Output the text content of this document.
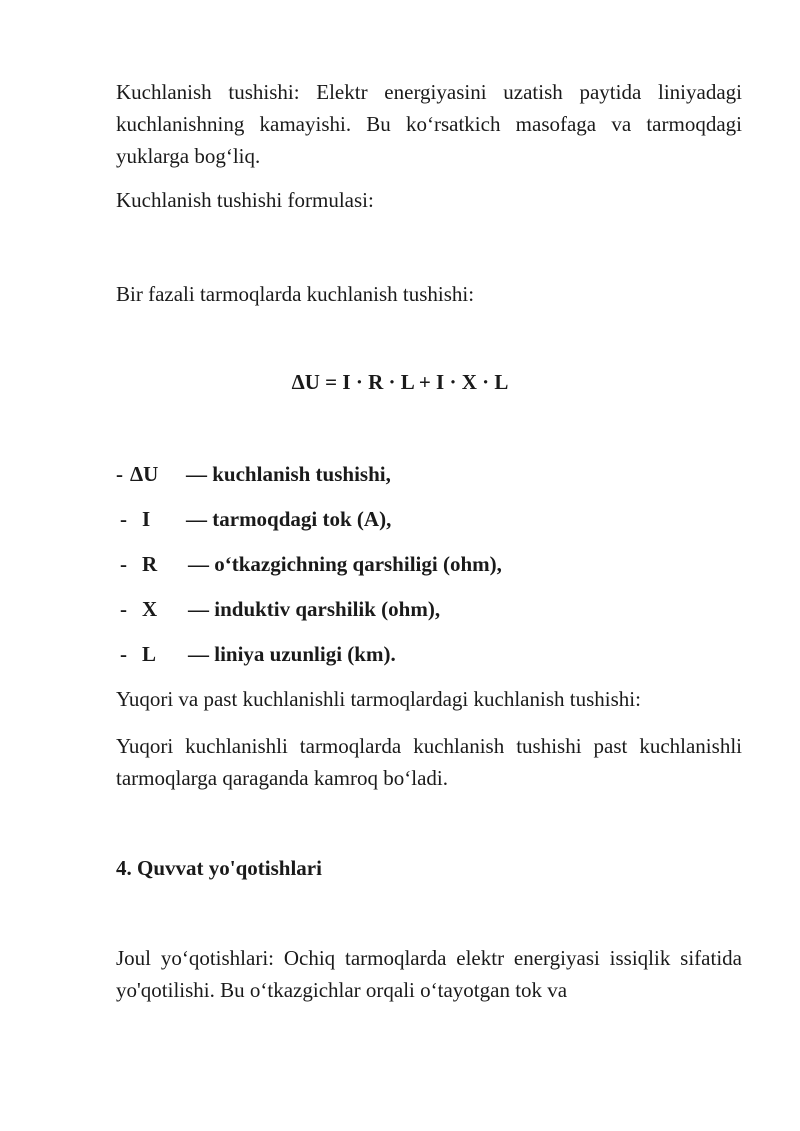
Kuchlanish tushishi: Elektr energiyasini uzatish paytida liniyadagi kuchlanishning kamayishi. Bu ko‘rsatkich masofaga va tarmoqdagi yuklarga bog‘liq.

Kuchlanish tushishi formulasi:

Bir fazali tarmoqlarda kuchlanish tushishi:

ΔU = I · R · L + I · X · L

- ΔU — kuchlanish tushishi,
- I — tarmoqdagi tok (A),
- R — o‘tkazgichning qarshiligi (ohm),
- X — induktiv qarshilik (ohm),
- L — liniya uzunligi (km).

Yuqori va past kuchlanishli tarmoqlardagi kuchlanish tushishi:

Yuqori kuchlanishli tarmoqlarda kuchlanish tushishi past kuchlanishli tarmoqlarga qaraganda kamroq bo‘ladi.

4. Quvvat yo'qotishlari

Joul yo‘qotishlari: Ochiq tarmoqlarda elektr energiyasi issiqlik sifatida yo'qotilishi. Bu o‘tkazgichlar orqali o‘tayotgan tok va
